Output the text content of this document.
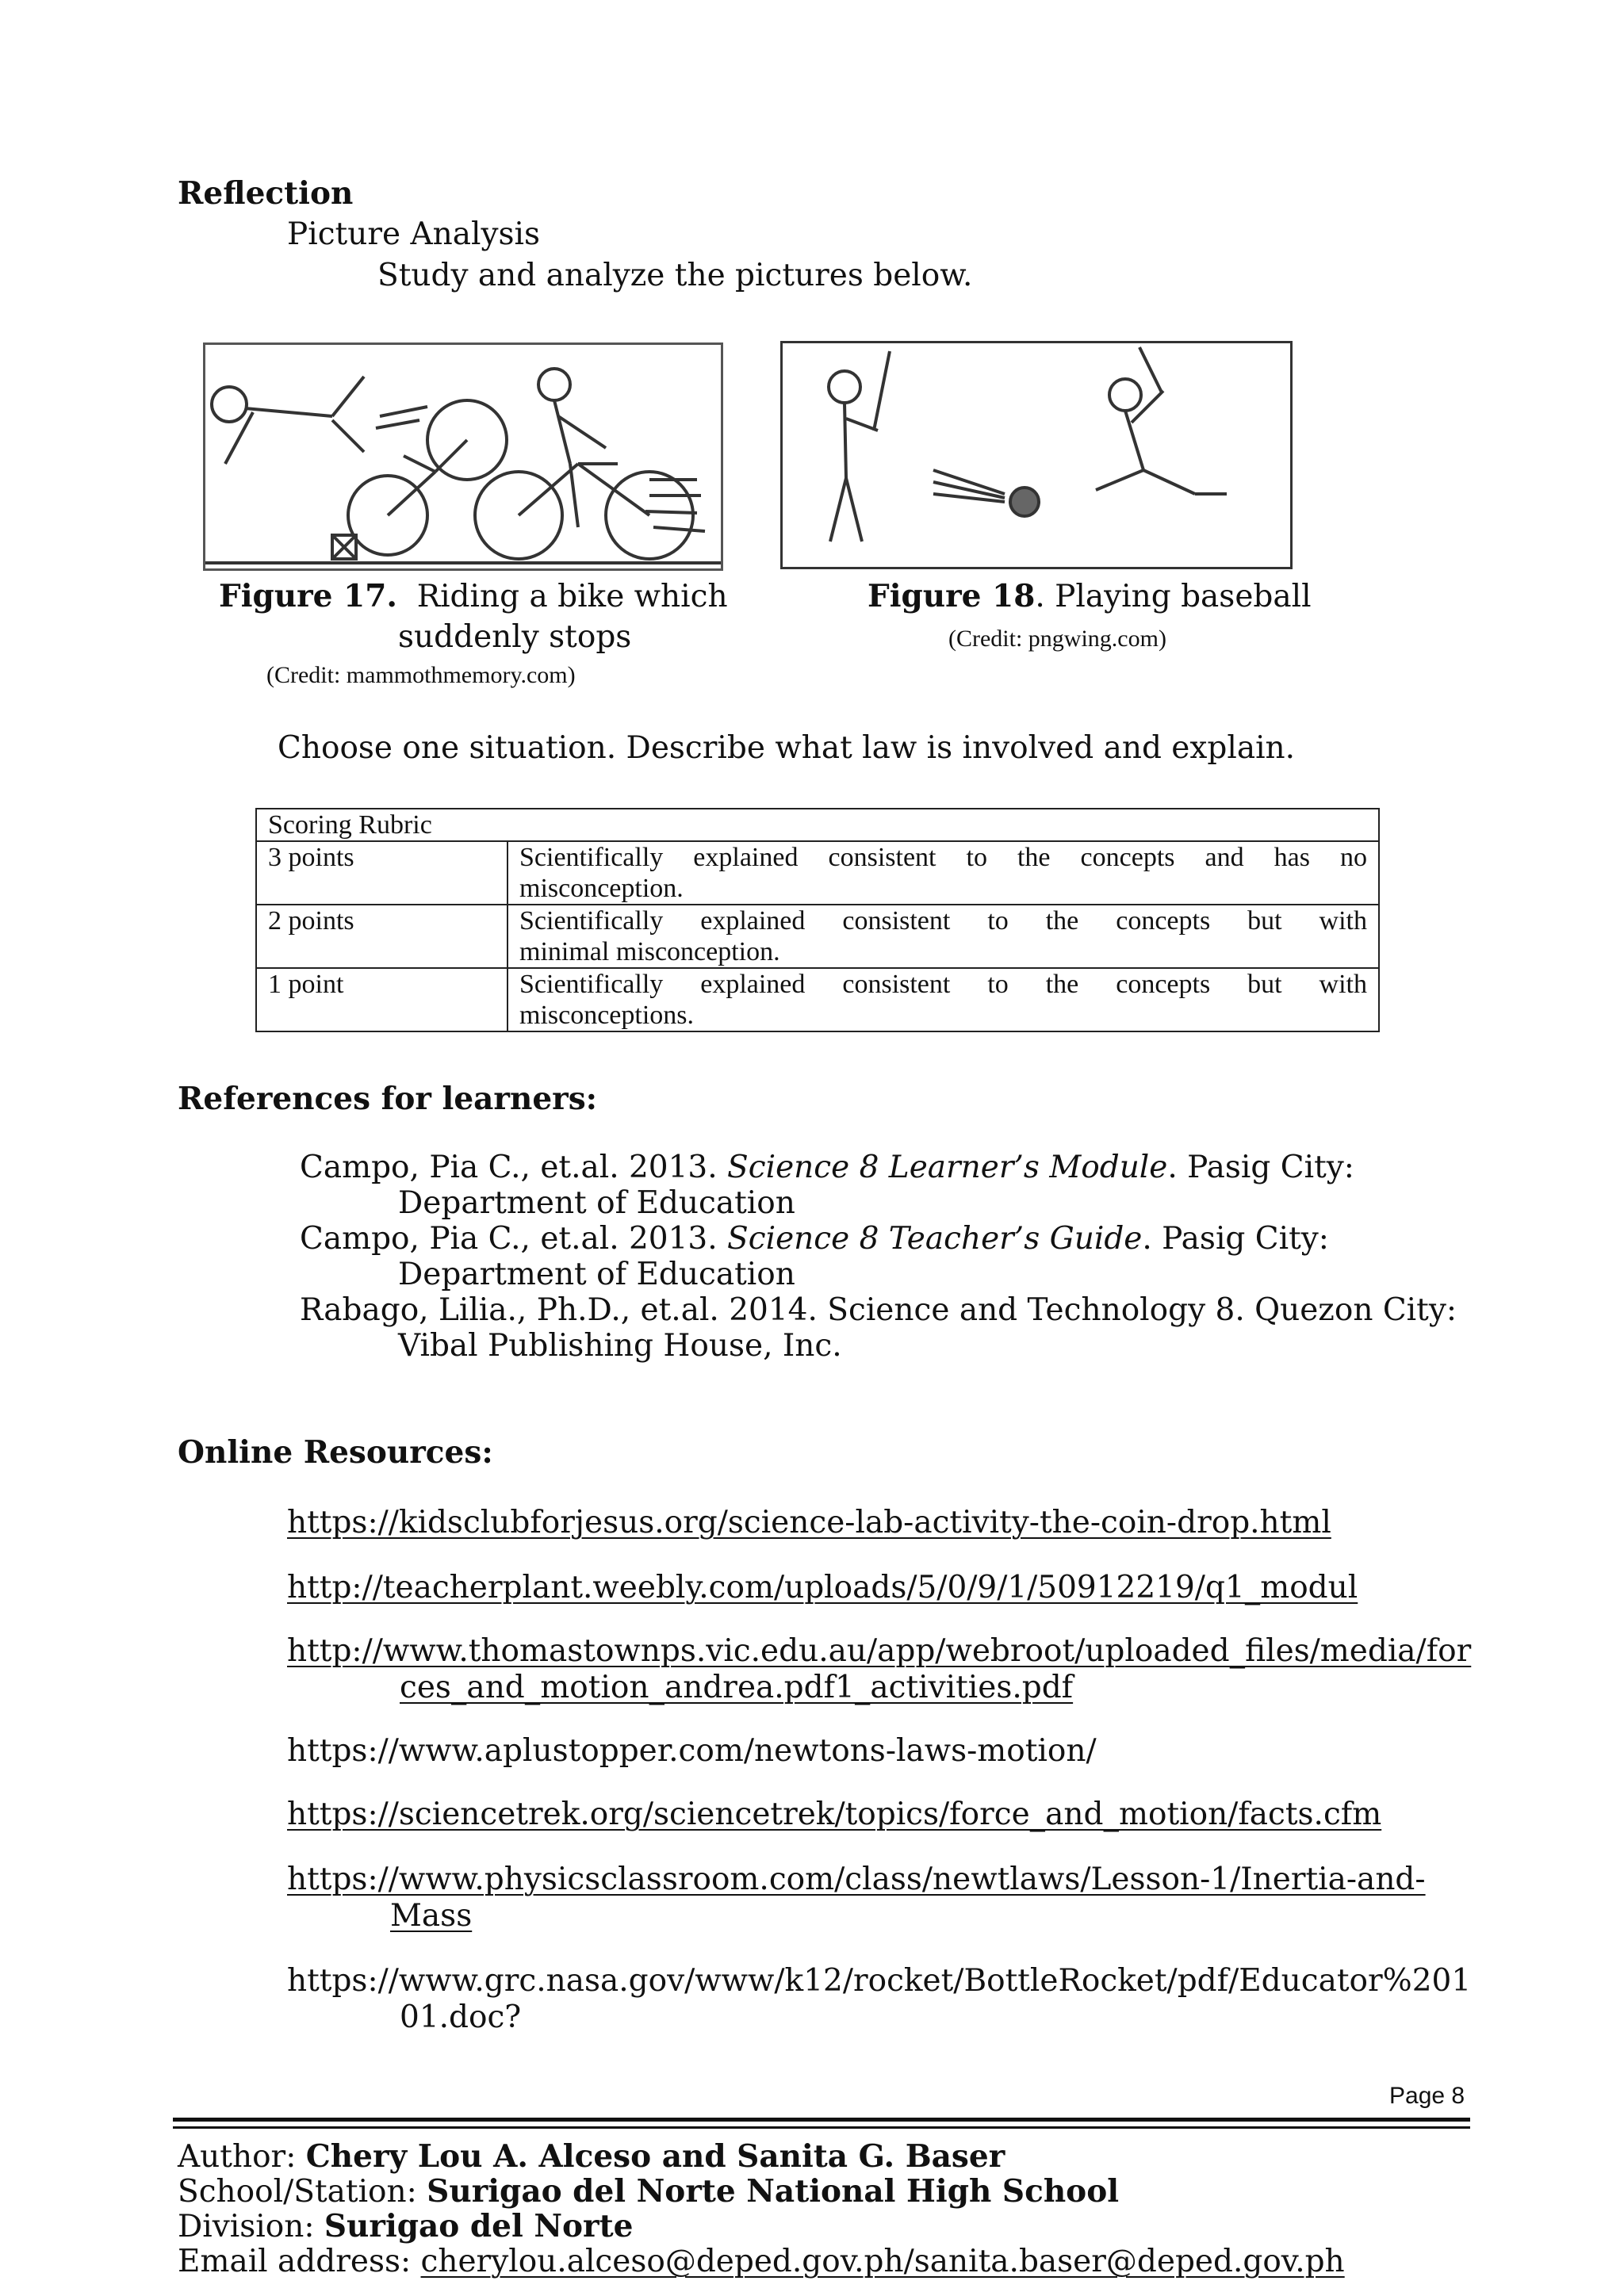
Reflection
Picture Analysis
Study and analyze the pictures below.
Figure 17. Riding a bike which
suddenly stops
(Credit: mammothmemory.com)
Figure 18. Playing baseball
(Credit: pngwing.com)
Choose one situation. Describe what law is involved and explain.
Scoring Rubric	
3 points	Scientifically explained consistent to the concepts and has no
misconception.

2 points	Scientifically explained consistent to the concepts but with
minimal misconception.

1 point	Scientifically explained consistent to the concepts but with
misconceptions.
References for learners:
Campo, Pia C., et.al. 2013. Science 8 Learner’s Module. Pasig City:
Department of Education
Campo, Pia C., et.al. 2013. Science 8 Teacher’s Guide. Pasig City:
Department of Education
Rabago, Lilia., Ph.D., et.al. 2014. Science and Technology 8. Quezon City:
Vibal Publishing House, Inc.
Online Resources:
https://kidsclubforjesus.org/science-lab-activity-the-coin-drop.html
http://teacherplant.weebly.com/uploads/5/0/9/1/50912219/q1_modul
http://www.thomastownps.vic.edu.au/app/webroot/uploaded_files/media/for
ces_and_motion_andrea.pdf1_activities.pdf
https://www.aplustopper.com/newtons-laws-motion/
https://sciencetrek.org/sciencetrek/topics/force_and_motion/facts.cfm
https://www.physicsclassroom.com/class/newtlaws/Lesson-1/Inertia-and-
Mass
https://www.grc.nasa.gov/www/k12/rocket/BottleRocket/pdf/Educator%201
01.doc?
Page 8
Author: Chery Lou A. Alceso and Sanita G. Baser
School/Station: Surigao del Norte National High School
Division: Surigao del Norte
Email address: cherylou.alceso@deped.gov.ph/sanita.baser@deped.gov.ph
